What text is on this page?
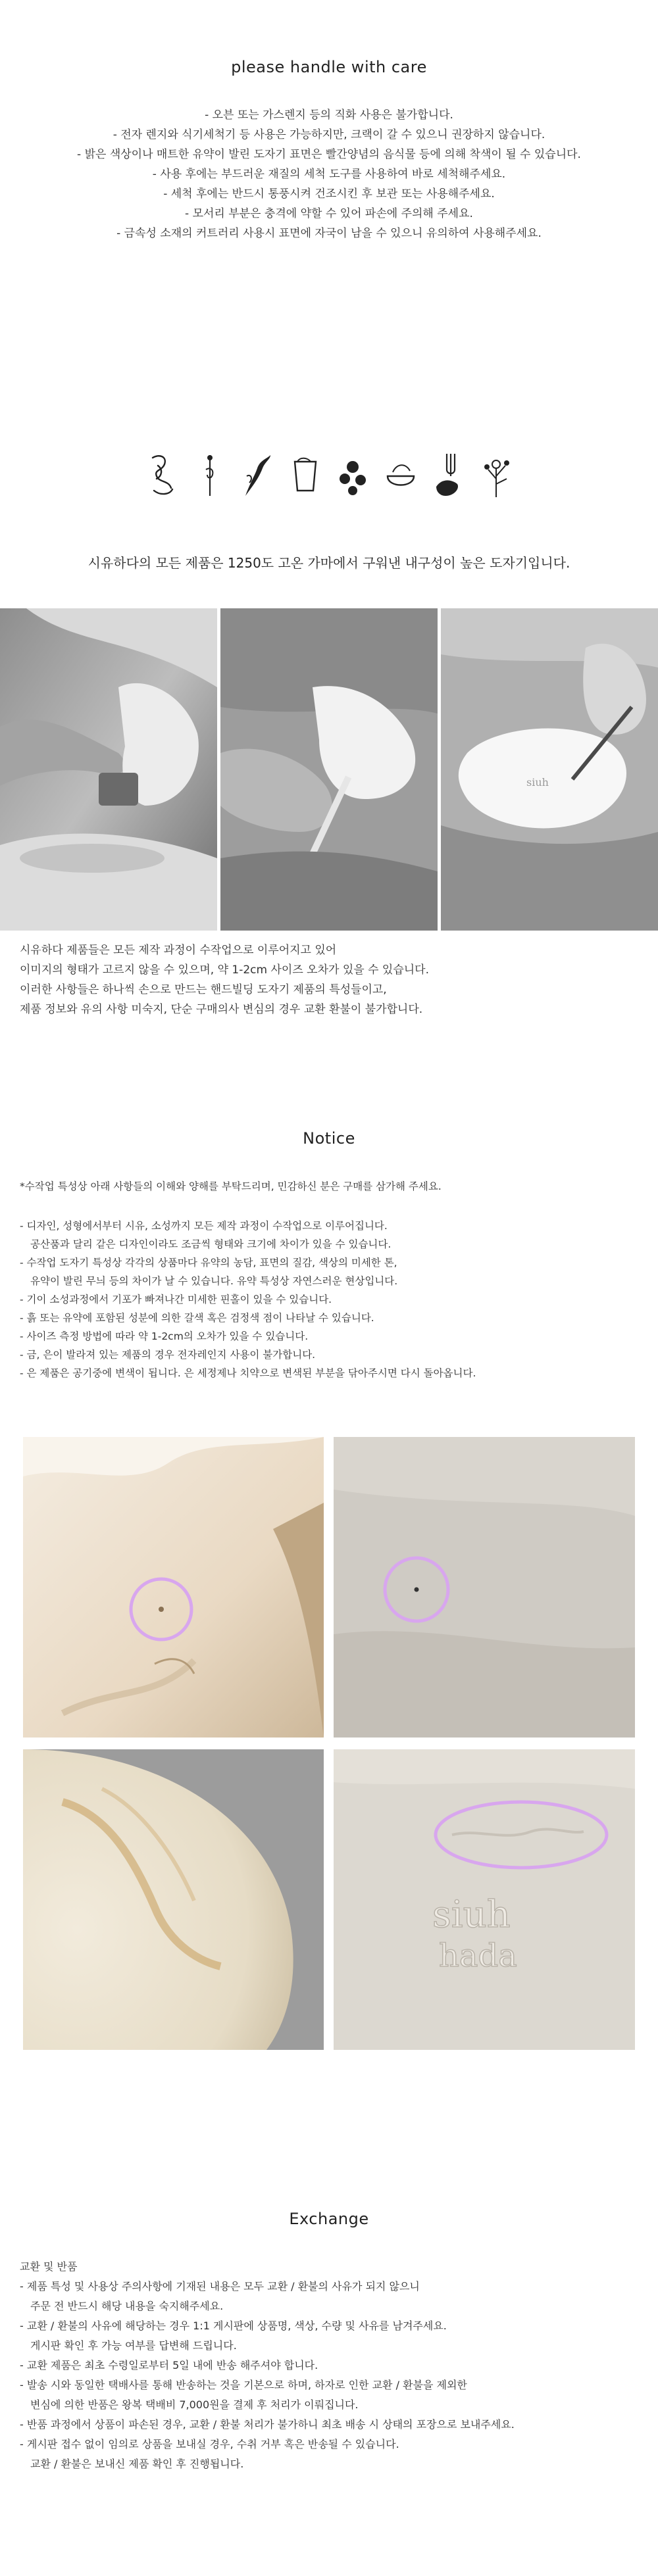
please handle with care
- 오븐 또는 가스렌지 등의 직화 사용은 불가합니다.
- 전자 렌지와 식기세척기 등 사용은 가능하지만, 크랙이 갈 수 있으니 권장하지 않습니다.
- 밝은 색상이나 매트한 유약이 발린 도자기 표면은 빨간양념의 음식물 등에 의해 착색이 될 수 있습니다.
- 사용 후에는 부드러운 재질의 세척 도구를 사용하여 바로 세척해주세요.
- 세척 후에는 반드시 통풍시켜 건조시킨 후 보관 또는 사용해주세요.
- 모서리 부분은 충격에 약할 수 있어 파손에 주의해 주세요.
- 금속성 소재의 커트러리 사용시 표면에 자국이 남을 수 있으니 유의하여 사용해주세요.
시유하다의 모든 제품은 1250도 고온 가마에서 구워낸 내구성이 높은 도자기입니다.
siuh
시유하다 제품들은 모든 제작 과정이 수작업으로 이루어지고 있어
이미지의 형태가 고르지 않을 수 있으며, 약 1-2cm 사이즈 오차가 있을 수 있습니다.
이러한 사항들은 하나씩 손으로 만드는 핸드빌딩 도자기 제품의 특성들이고,
제품 정보와 유의 사항 미숙지, 단순 구매의사 변심의 경우 교환 환불이 불가합니다.
Notice
*수작업 특성상 아래 사항들의 이해와 양해를 부탁드리며, 민감하신 분은 구매를 삼가해 주세요.
- 디자인, 성형에서부터 시유, 소성까지 모든 제작 과정이 수작업으로 이루어집니다.
공산품과 달리 같은 디자인이라도 조금씩 형태와 크기에 차이가 있을 수 있습니다.
- 수작업 도자기 특성상 각각의 상품마다 유약의 농담, 표면의 질감, 색상의 미세한 톤,
유약이 발린 무늬 등의 차이가 날 수 있습니다. 유약 특성상 자연스러운 현상입니다.
- 기이 소성과정에서 기포가 빠져나간 미세한 핀홀이 있을 수 있습니다.
- 흙 또는 유약에 포함된 성분에 의한 갈색 혹은 검정색 점이 나타날 수 있습니다.
- 사이즈 측정 방법에 따라 약 1-2cm의 오차가 있을 수 있습니다.
- 금, 은이 발라져 있는 제품의 경우 전자레인지 사용이 불가합니다.
- 은 제품은 공기중에 변색이 됩니다. 은 세정제나 치약으로 변색된 부분을 닦아주시면 다시 돌아옵니다.
siuh
hada
Exchange
교환 및 반품
- 제품 특성 및 사용상 주의사항에 기재된 내용은 모두 교환 / 환불의 사유가 되지 않으니
주문 전 반드시 해당 내용을 숙지해주세요.
- 교환 / 환불의 사유에 해당하는 경우 1:1 게시판에 상품명, 색상, 수량 및 사유를 남겨주세요.
게시판 확인 후 가능 여부를 답변해 드립니다.
- 교환 제품은 최초 수령일로부터 5일 내에 반송 해주셔야 합니다.
- 발송 시와 동일한 택배사를 통해 반송하는 것을 기본으로 하며, 하자로 인한 교환 / 환불을 제외한
변심에 의한 반품은 왕복 택배비 7,000원을 결제 후 처리가 이뤄집니다.
- 반품 과정에서 상품이 파손된 경우, 교환 / 환불 처리가 불가하니 최초 배송 시 상태의 포장으로 보내주세요.
- 게시판 접수 없이 임의로 상품을 보내실 경우, 수취 거부 혹은 반송될 수 있습니다.
교환 / 환불은 보내신 제품 확인 후 진행됩니다.
